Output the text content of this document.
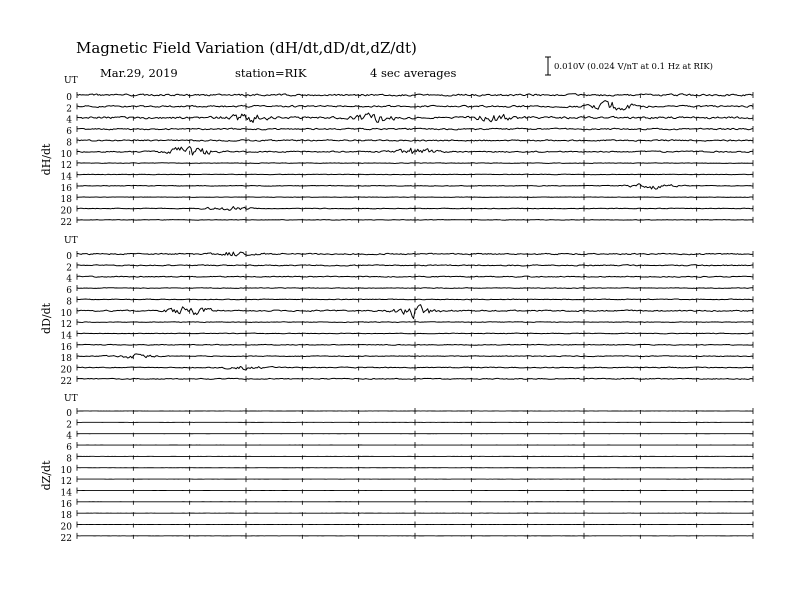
Magnetic Field Variation (dH/dt,dD/dt,dZ/dt)
Mar.29, 2019	station=RIK	4 sec averages	0.010V (0.024 V/nT at 0.1 Hz at RIK)
UT
dH/dt
0
2
4
6
8
10
12
14
16
18
20
22
UT
dD/dt
0
2
4
6
8
10
12
14
16
18
20
22
UT
dZ/dt
0
2
4
6
8
10
12
14
16
18
20
22
